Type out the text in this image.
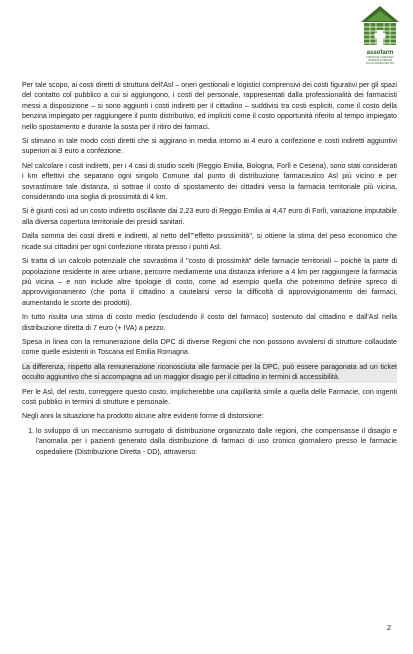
assofarm
FARMACIE COMUNALI
AZIENDE E SERVIZI
SOCIO-FARMACEUTICI

Per tale scopo, ai costi diretti di struttura dell'Asl – oneri gestionali e logistici comprensivi dei costi figurativi per gli spazi del contatto col pubblico a cui si aggiungono, i costi del personale, rappresentati dalla professionalità dei farmacisti messi a disposizione – si sono aggiunti i costi indiretti per il cittadino – suddivisi tra costi espliciti, come il costo della benzina impiegato per raggiungere il punto distributivo, ed impliciti come il costo opportunità riferito al tempo impiegato nello spostamento e durante la sosta per il ritiro dei farmaci.

Si stimano in tale modo costi diretti che si aggirano in media intorno ai 4 euro a confezione e costi indiretti aggiuntivi superiori ai 3 euro a confezione.

Nel calcolare i costi indiretti, per i 4 casi di studio scelti (Reggio Emilia, Bologna, Forlì e Cesena), sono stati considerati i km effettivi che separano ogni singolo Comune dal punto di distribuzione farmaceutico Asl più vicino e per sovrastimare tale distanza, si sottrae il costo di spostamento dei cittadini verso la farmacia territoriale più vicina, considerando una soglia di prossimità di 4 km.

Si è giunti così ad un costo indiretto oscillante dai 2,23 euro di Reggio Emilia ai 4,47 euro di Forlì, variazione imputabile alla diversa copertura territoriale dei presidi sanitari.

Dalla somma dei costi diretti e indiretti, al netto dell'"effetto prossimità", si ottiene la stima del peso economico che ricade sui cittadini per ogni confezione ritirata presso i punti Asl.

Si tratta di un calcolo potenziale che sovrastima il "costo di prossimità" delle farmacie territoriali – poiché la parte di popolazione residente in aree urbane, percorre mediamente una distanza inferiore a 4 km per raggiungere la farmacia più vicina – e non include altre tipologie di costo, come ad esempio quella che potremmo definire spreco di approvvigionamento (che porta il cittadino a cautelarsi verso la difficoltà di approvvigionamento dei farmaci, aumentando le scorte dei prodotti).

In tutto risulta una stima di costo medio (escludendo il costo del farmaco) sostenuto dal cittadino e dall'Asl nella distribuzione diretta di 7 euro (+ IVA) a pezzo.

Spesa in linea con la remunerazione della DPC di diverse Regioni che non possono avvalersi di strutture collaudate come quelle esistenti in Toscana ed Emilia Romagna.

La differenza, rispetto alla remunerazione riconosciuta alle farmacie per la DPC, può essere paragonata ad un ticket occulto aggiuntivo che si accompagna ad un maggior disagio per il cittadino in termini di accessibilità.

Per le Asl, del resto, correggere questo costo, implicherebbe una capillarità simile a quella delle Farmacie, con ingenti costi pubblici in termini di strutture e personale.

Negli anni la situazione ha prodotto alcune altre evidenti forme di distorsione:

1. lo sviluppo di un meccanismo surrogato di distribuzione organizzato dalle regioni, che compensasse il disagio e l'anomalia per i pazienti generato dalla distribuzione di farmaci di uso cronico giornaliero presso le farmacie ospedaliere (Distribuzione Diretta - DD), attraverso:
2
